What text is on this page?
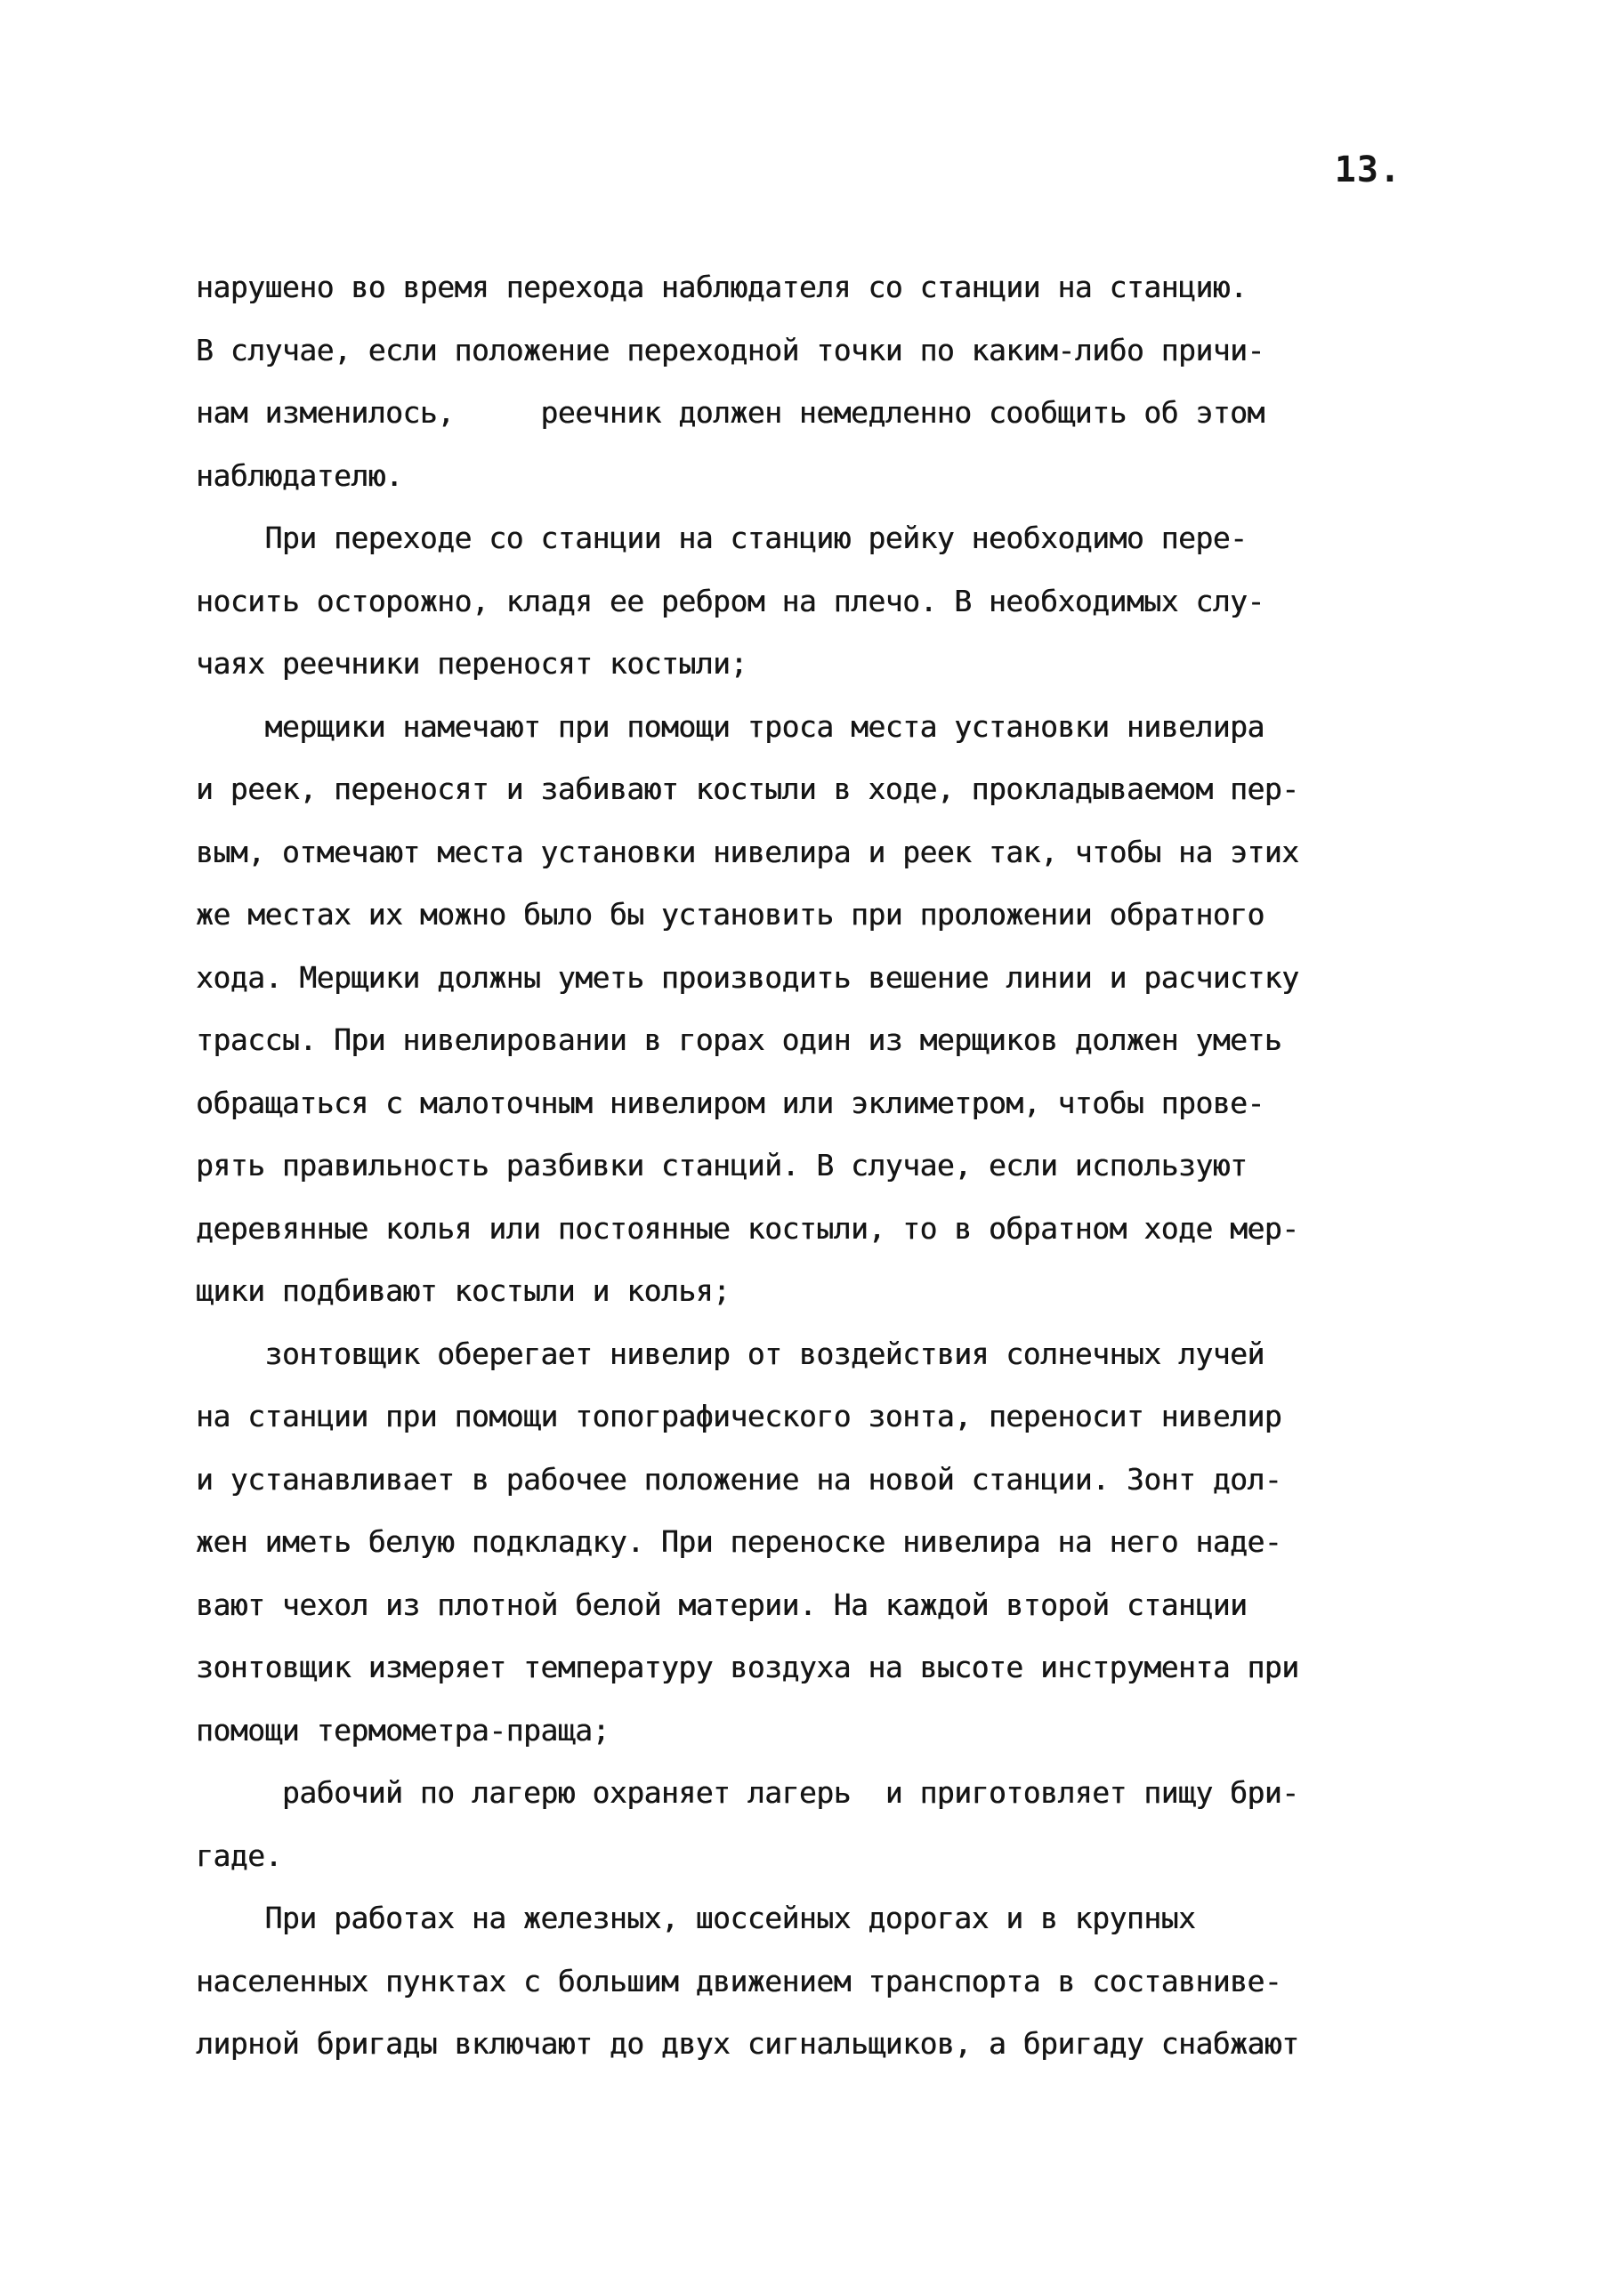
13.
нарушено во время перехода наблюдателя со станции на станцию.
В случае, если положение переходной точки по каким-либо причи-
нам изменилось,     реечник должен немедленно сообщить об этом
наблюдателю.
При переходе со станции на станцию рейку необходимо пере-
носить осторожно, кладя ее ребром на плечо. В необходимых слу-
чаях реечники переносят костыли;
мерщики намечают при помощи троса места установки нивелира
и реек, переносят и забивают костыли в ходе, прокладываемом пер-
вым, отмечают места установки нивелира и реек так, чтобы на этих
же местах их можно было бы установить при проложении обратного
хода. Мерщики должны уметь производить вешение линии и расчистку
трассы. При нивелировании в горах один из мерщиков должен уметь
обращаться с малоточным нивелиром или эклиметром, чтобы прове-
рять правильность разбивки станций. В случае, если используют
деревянные колья или постоянные костыли, то в обратном ходе мер-
щики подбивают костыли и колья;
зонтовщик оберегает нивелир от воздействия солнечных лучей
на станции при помощи топографического зонта, переносит нивелир
и устанавливает в рабочее положение на новой станции. Зонт дол-
жен иметь белую подкладку. При переноске нивелира на него наде-
вают чехол из плотной белой материи. На каждой второй станции
зонтовщик измеряет температуру воздуха на высоте инструмента при
помощи термометра-праща;
рабочий по лагерю охраняет лагерь  и приготовляет пищу бри-
гаде.
При работах на железных, шоссейных дорогах и в крупных
населенных пунктах с большим движением транспорта в составниве-
лирной бригады включают до двух сигнальщиков, а бригаду снабжают
